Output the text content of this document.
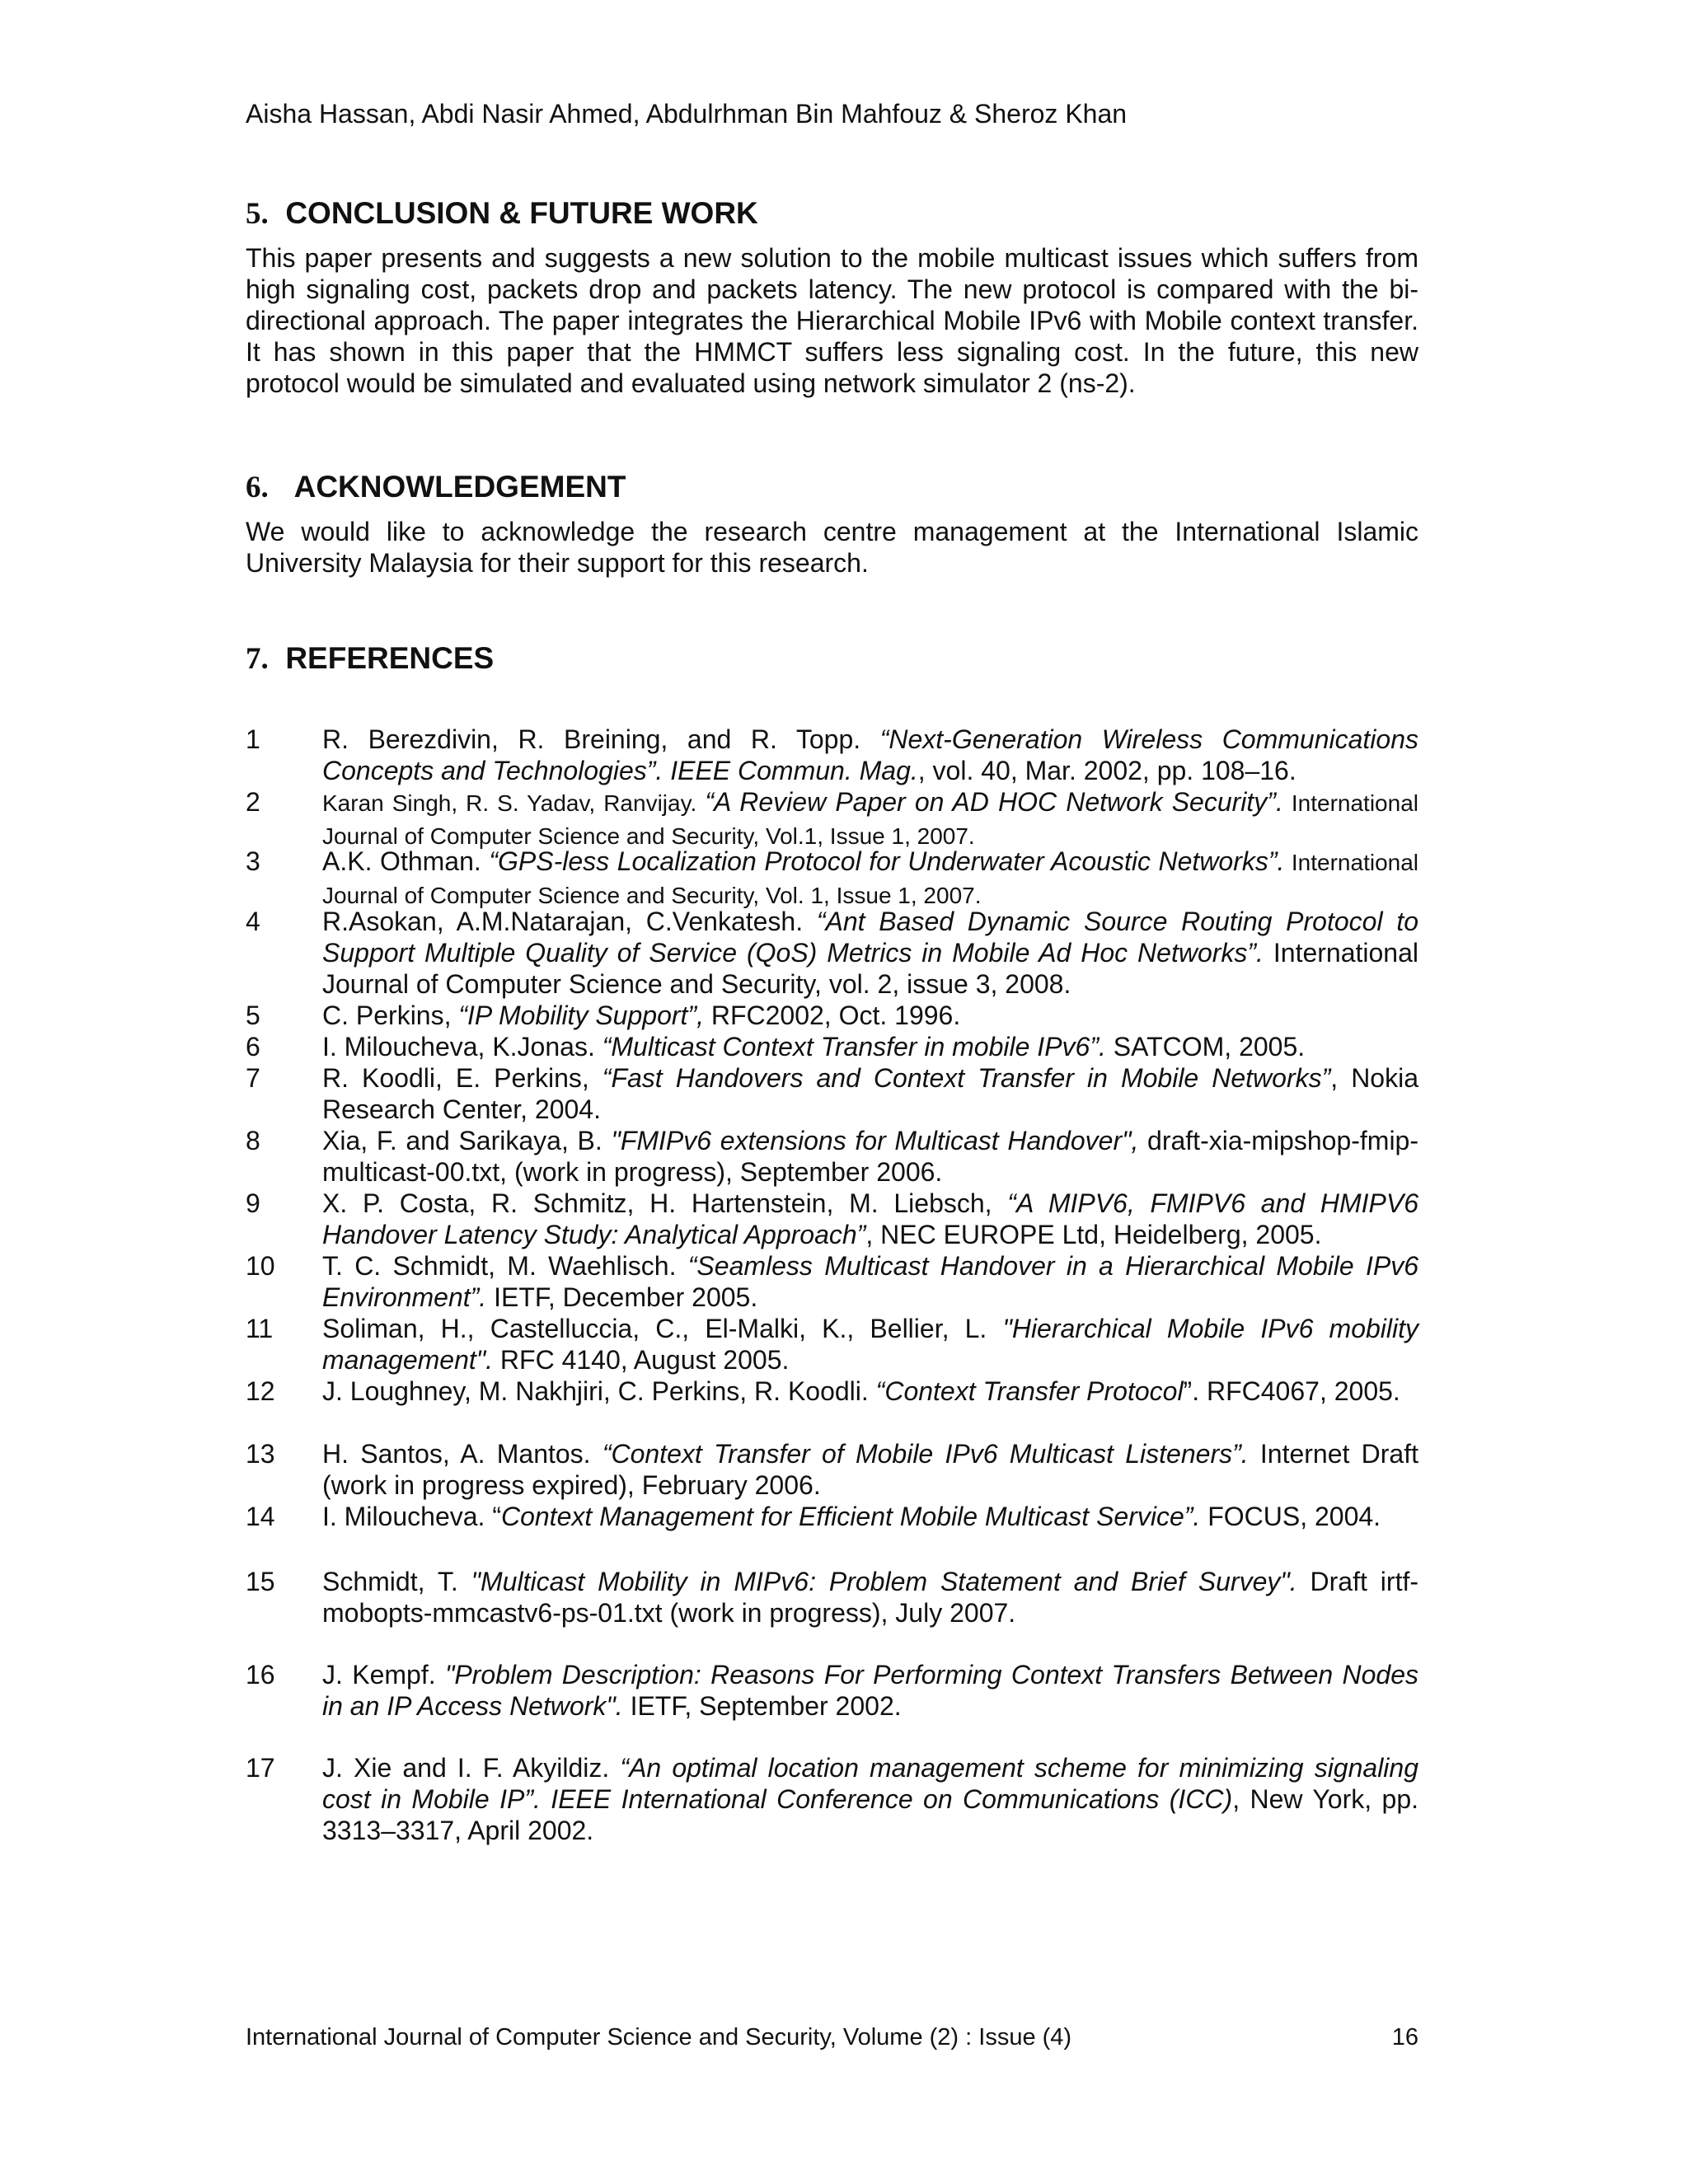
Aisha Hassan, Abdi Nasir Ahmed, Abdulrhman Bin Mahfouz & Sheroz Khan
5. CONCLUSION & FUTURE WORK

This paper presents and suggests a new solution to the mobile multicast issues which suffers from high signaling cost, packets drop and packets latency. The new protocol is compared with the bi-directional approach. The paper integrates the Hierarchical Mobile IPv6 with Mobile context transfer. It has shown in this paper that the HMMCT suffers less signaling cost. In the future, this new protocol would be simulated and evaluated using network simulator 2 (ns-2).

6. ACKNOWLEDGEMENT

We would like to acknowledge the research centre management at the International Islamic University Malaysia for their support for this research.

7. REFERENCES
1 R. Berezdivin, R. Breining, and R. Topp. “Next-Generation Wireless Communications Concepts and Technologies”. IEEE Commun. Mag., vol. 40, Mar. 2002, pp. 108–16.
2	Karan Singh, R. S. Yadav, Ranvijay. “A Review Paper on AD HOC Network Security”. International Journal of Computer Science and Security, Vol.1, Issue 1, 2007.
3 A.K. Othman. “GPS-less Localization Protocol for Underwater Acoustic Networks”. International Journal of Computer Science and Security, Vol. 1, Issue 1, 2007.
4 R.Asokan, A.M.Natarajan, C.Venkatesh. “Ant Based Dynamic Source Routing Protocol to Support Multiple Quality of Service (QoS) Metrics in Mobile Ad Hoc Networks”. International Journal of Computer Science and Security, vol. 2, issue 3, 2008.
5 C. Perkins, “IP Mobility Support”, RFC2002, Oct. 1996.
6 I. Miloucheva, K.Jonas. “Multicast Context Transfer in mobile IPv6”. SATCOM, 2005.
7 R. Koodli, E. Perkins, “Fast Handovers and Context Transfer in Mobile Networks”, Nokia Research Center, 2004.
8 Xia, F. and Sarikaya, B. "FMIPv6 extensions for Multicast Handover", draft-xia-mipshop-fmip-multicast-00.txt, (work in progress), September 2006.
9 X. P. Costa, R. Schmitz, H. Hartenstein, M. Liebsch, “A MIPV6, FMIPV6 and HMIPV6 Handover Latency Study: Analytical Approach”, NEC EUROPE Ltd, Heidelberg, 2005.
10 T. C. Schmidt, M. Waehlisch. “Seamless Multicast Handover in a Hierarchical Mobile IPv6 Environment”. IETF, December 2005.
11 Soliman, H., Castelluccia, C., El-Malki, K., Bellier, L. "Hierarchical Mobile IPv6 mobility management". RFC 4140, August 2005.
12 J. Loughney, M. Nakhjiri, C. Perkins, R. Koodli. “Context Transfer Protocol”. RFC4067, 2005.
13 H. Santos, A. Mantos. “Context Transfer of Mobile IPv6 Multicast Listeners”. Internet Draft (work in progress expired), February 2006.
14 I. Miloucheva. “Context Management for Efficient Mobile Multicast Service”. FOCUS, 2004.
15 Schmidt, T. "Multicast Mobility in MIPv6: Problem Statement and Brief Survey". Draft irtf-mobopts-mmcastv6-ps-01.txt (work in progress), July 2007.
16 J. Kempf. "Problem Description: Reasons For Performing Context Transfers Between Nodes in an IP Access Network". IETF, September 2002.
17 J. Xie and I. F. Akyildiz. “An optimal location management scheme for minimizing signaling cost in Mobile IP”. IEEE International Conference on Communications (ICC), New York, pp. 3313–3317, April 2002.
International Journal of Computer Science and Security, Volume (2) : Issue (4)	16
